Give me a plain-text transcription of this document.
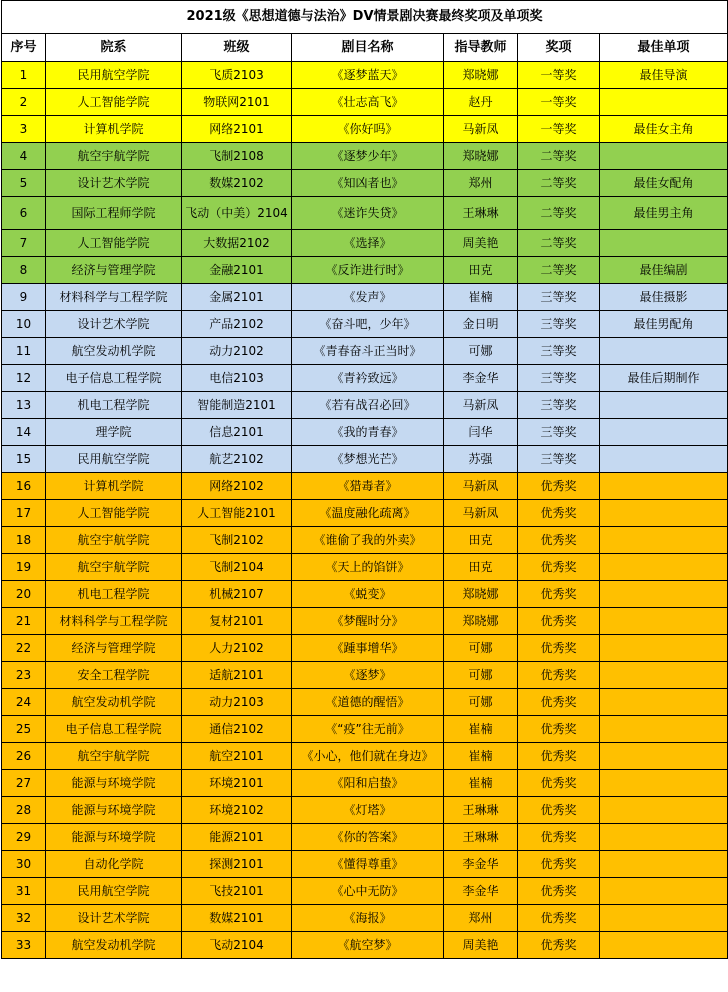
2021级《思想道德与法治》DV情景剧决赛最终奖项及单项奖						
序号	院系	班级	剧目名称	指导教师	奖项	最佳单项
1	民用航空学院	飞质2103	《逐梦蓝天》	郑晓娜	一等奖	最佳导演
2	人工智能学院	物联网2101	《壮志高飞》	赵丹	一等奖	
3	计算机学院	网络2101	《你好吗》	马新凤	一等奖	最佳女主角
4	航空宇航学院	飞制2108	《逐梦少年》	郑晓娜	二等奖	
5	设计艺术学院	数媒2102	《知凶者也》	郑州	二等奖	最佳女配角
6	国际工程师学院	飞动（中美）2104	《迷诈失贷》	王琳琳	二等奖	最佳男主角
7	人工智能学院	大数据2102	《选择》	周美艳	二等奖	
8	经济与管理学院	金融2101	《反诈进行时》	田克	二等奖	最佳编剧
9	材料科学与工程学院	金属2101	《发声》	崔楠	三等奖	最佳摄影
10	设计艺术学院	产品2102	《奋斗吧，少年》	金日明	三等奖	最佳男配角
11	航空发动机学院	动力2102	《青春奋斗正当时》	可娜	三等奖	
12	电子信息工程学院	电信2103	《青衿致远》	李金华	三等奖	最佳后期制作
13	机电工程学院	智能制造2101	《若有战召必回》	马新凤	三等奖	
14	理学院	信息2101	《我的青春》	闫华	三等奖	
15	民用航空学院	航艺2102	《梦想光芒》	苏强	三等奖	
16	计算机学院	网络2102	《猎毒者》	马新凤	优秀奖	
17	人工智能学院	人工智能2101	《温度融化疏离》	马新凤	优秀奖	
18	航空宇航学院	飞制2102	《谁偷了我的外卖》	田克	优秀奖	
19	航空宇航学院	飞制2104	《天上的馅饼》	田克	优秀奖	
20	机电工程学院	机械2107	《蜕变》	郑晓娜	优秀奖	
21	材料科学与工程学院	复材2101	《梦醒时分》	郑晓娜	优秀奖	
22	经济与管理学院	人力2102	《踵事增华》	可娜	优秀奖	
23	安全工程学院	适航2101	《逐梦》	可娜	优秀奖	
24	航空发动机学院	动力2103	《道德的醒悟》	可娜	优秀奖	
25	电子信息工程学院	通信2102	《“疫”往无前》	崔楠	优秀奖	
26	航空宇航学院	航空2101	《小心，他们就在身边》	崔楠	优秀奖	
27	能源与环境学院	环境2101	《阳和启蛰》	崔楠	优秀奖	
28	能源与环境学院	环境2102	《灯塔》	王琳琳	优秀奖	
29	能源与环境学院	能源2101	《你的答案》	王琳琳	优秀奖	
30	自动化学院	探测2101	《懂得尊重》	李金华	优秀奖	
31	民用航空学院	飞技2101	《心中无防》	李金华	优秀奖	
32	设计艺术学院	数媒2101	《海报》	郑州	优秀奖	
33	航空发动机学院	飞动2104	《航空梦》	周美艳	优秀奖	
